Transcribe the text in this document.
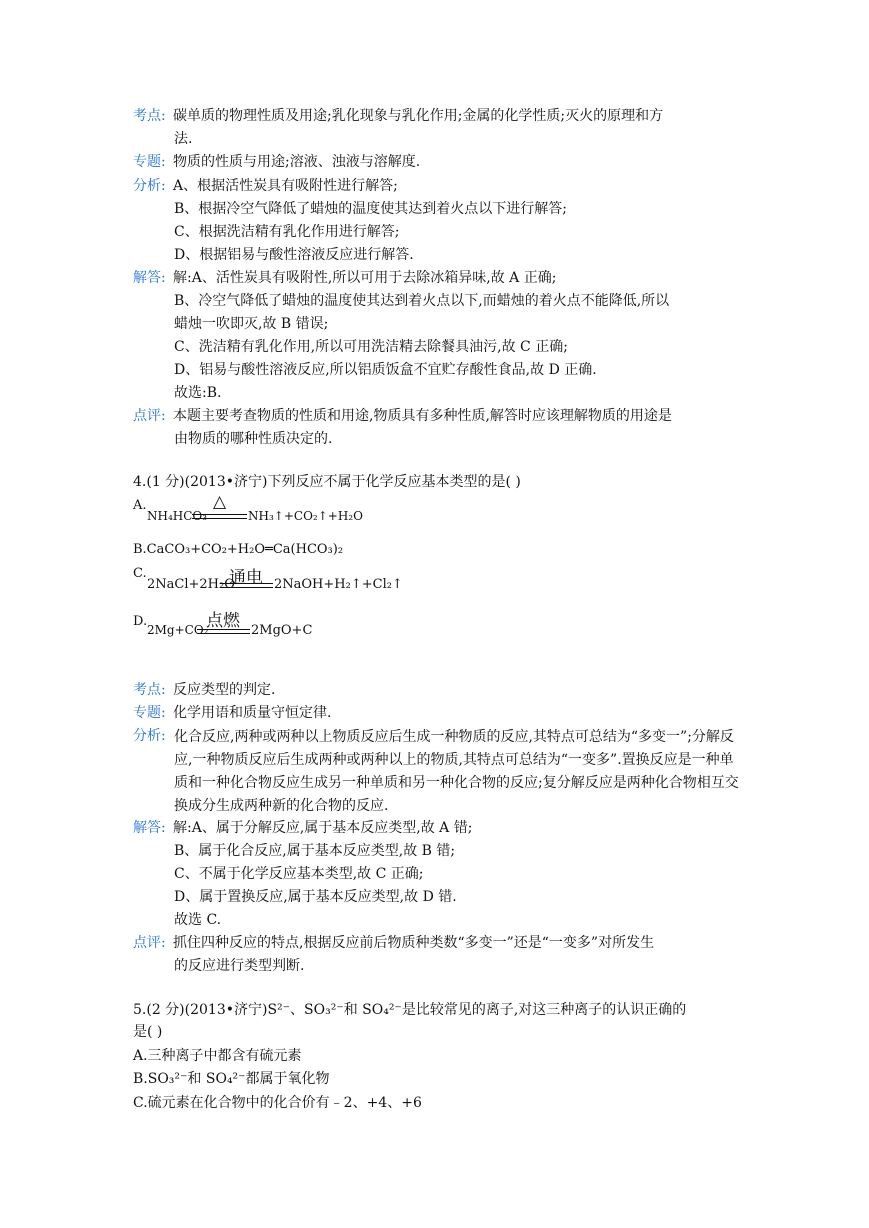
考点: 碳单质的物理性质及用途;乳化现象与乳化作用;金属的化学性质;灭火的原理和方
法.
专题: 物质的性质与用途;溶液、浊液与溶解度.
分析: A、根据活性炭具有吸附性进行解答;
B、根据冷空气降低了蜡烛的温度使其达到着火点以下进行解答;
C、根据洗洁精有乳化作用进行解答;
D、根据铝易与酸性溶液反应进行解答.
解答: 解:A、活性炭具有吸附性,所以可用于去除冰箱异味,故 A 正确;
B、冷空气降低了蜡烛的温度使其达到着火点以下,而蜡烛的着火点不能降低,所以
蜡烛一吹即灭,故 B 错误;
C、洗洁精有乳化作用,所以可用洗洁精去除餐具油污,故 C 正确;
D、铝易与酸性溶液反应,所以铝质饭盒不宜贮存酸性食品,故 D 正确.
故选:B.
点评: 本题主要考查物质的性质和用途,物质具有多种性质,解答时应该理解物质的用途是
由物质的哪种性质决定的.
4.(1 分)(2013•济宁)下列反应不属于化学反应基本类型的是( )
A.	△
NH₄HCO₃	NH₃↑+CO₂↑+H₂O
B.CaCO₃+CO₂+H₂O═Ca(HCO₃)₂
C.	通电
2NaCl+2H₂O	2NaOH+H₂↑+Cl₂↑
D.	点燃
2Mg+CO₂	2MgO+C
考点: 反应类型的判定.
专题: 化学用语和质量守恒定律.
分析: 化合反应,两种或两种以上物质反应后生成一种物质的反应,其特点可总结为“多变一”;分解反应,一种物质反应后生成两种或两种以上的物质,其特点可总结为“一变多”.置换反应是一种单质和一种化合物反应生成另一种单质和另一种化合物的反应;复分解反应是两种化合物相互交换成分生成两种新的化合物的反应.
解答: 解:A、属于分解反应,属于基本反应类型,故 A 错;
B、属于化合反应,属于基本反应类型,故 B 错;
C、不属于化学反应基本类型,故 C 正确;
D、属于置换反应,属于基本反应类型,故 D 错.
故选 C.
点评: 抓住四种反应的特点,根据反应前后物质种类数“多变一”还是“一变多”对所发生
的反应进行类型判断.
5.(2 分)(2013•济宁)S²⁻、SO₃²⁻和 SO₄²⁻是比较常见的离子,对这三种离子的认识正确的
是( )
A.三种离子中都含有硫元素
B.SO₃²⁻和 SO₄²⁻都属于氧化物
C.硫元素在化合物中的化合价有﹣2、+4、+6
